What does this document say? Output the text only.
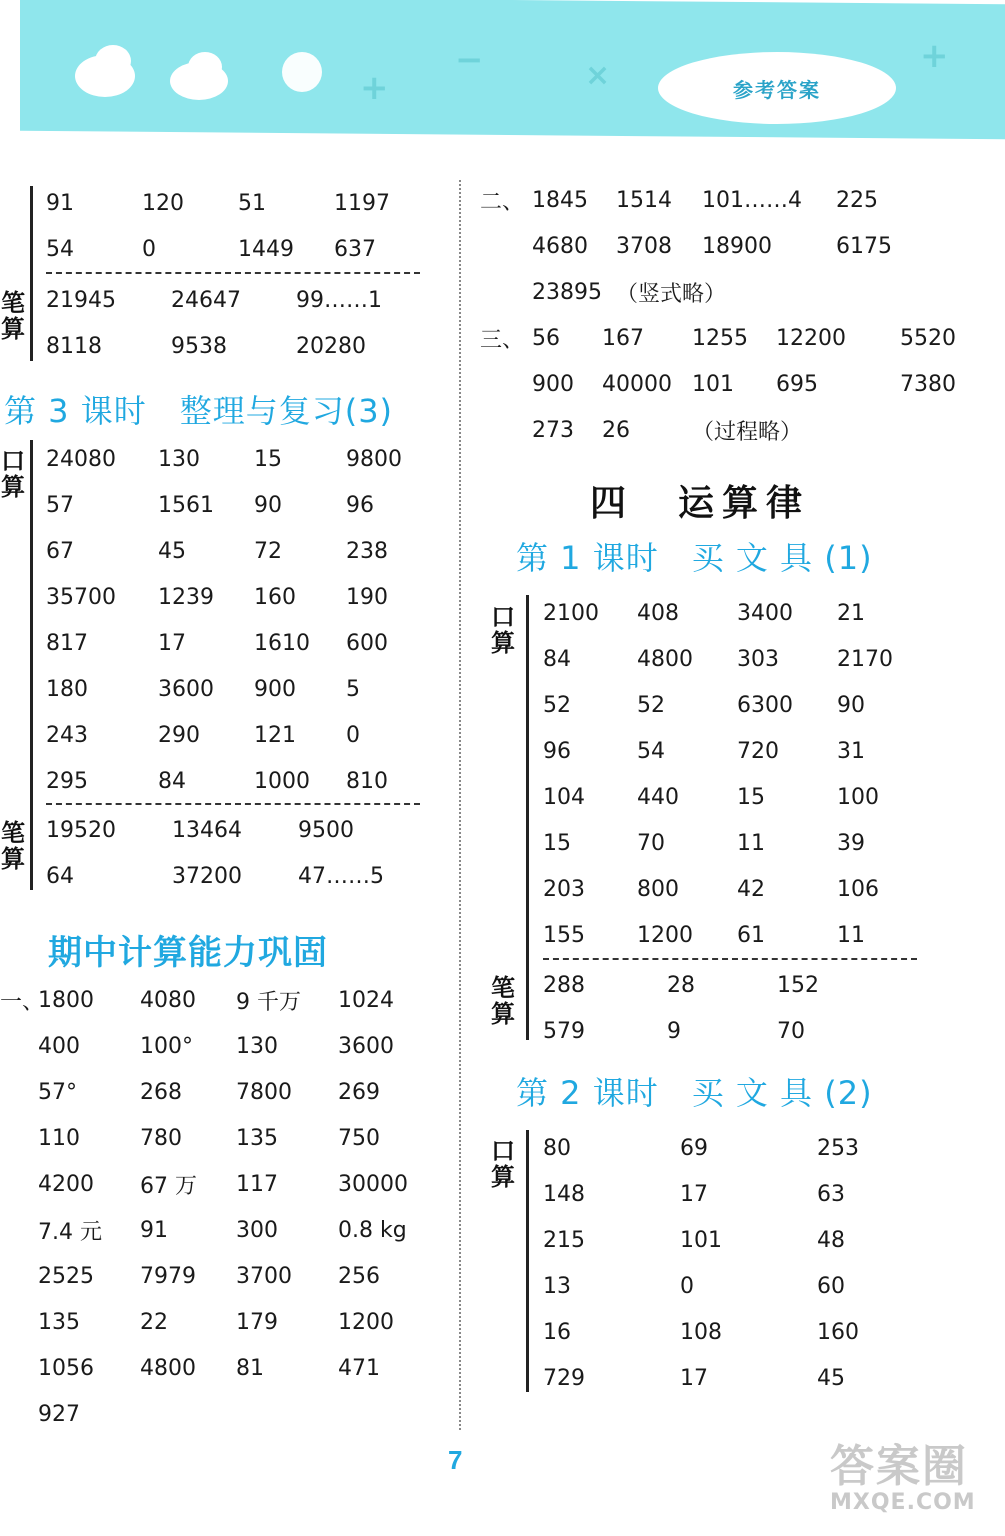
+
−	×	+
参考答案
91	120	51	1197
54	0	1449	637
笔算
21945	24647	99……1
8118	9538	20280
第 3 课时　整理与复习(3)
口算
24080	130	15	9800
57	1561	90	96
67	45	72	238
35700	1239	160	190
817	17	1610	600
180	3600	900	5
243	290	121	0
295	84	1000	810
笔算
19520	13464	9500
64	37200	47……5
期中计算能力巩固
一、
1800	4080	9 千万	1024
400	100°	130	3600
57°	268	7800	269
110	780	135	750
4200	67 万	117	30000
7.4 元	91	300	0.8 kg
2525	7979	3700	256
135	22	179	1200
1056	4800	81	471
927
二、 1845	1514	101……4	225
4680	3708	18900	6175
23895 （竖式略）
三、 56	167	1255	12200	5520
900	40000 101	695	7380
273	26	（过程略）
四　运算律
第 1 课时　买 文 具 (1)
口算
2100	408	3400	21
84	4800	303	2170
52	52	6300	90
96	54	720	31
104	440	15	100
15	70	11	39
203	800	42	106
155	1200	61	11
笔算
288	28	152
579	9	70
第 2 课时　买 文 具 (2)
口算
80	69	253
148	17	63
215	101	48
13	0	60
16	108	160
729	17	45
7	答案圈
MXQE.COM
